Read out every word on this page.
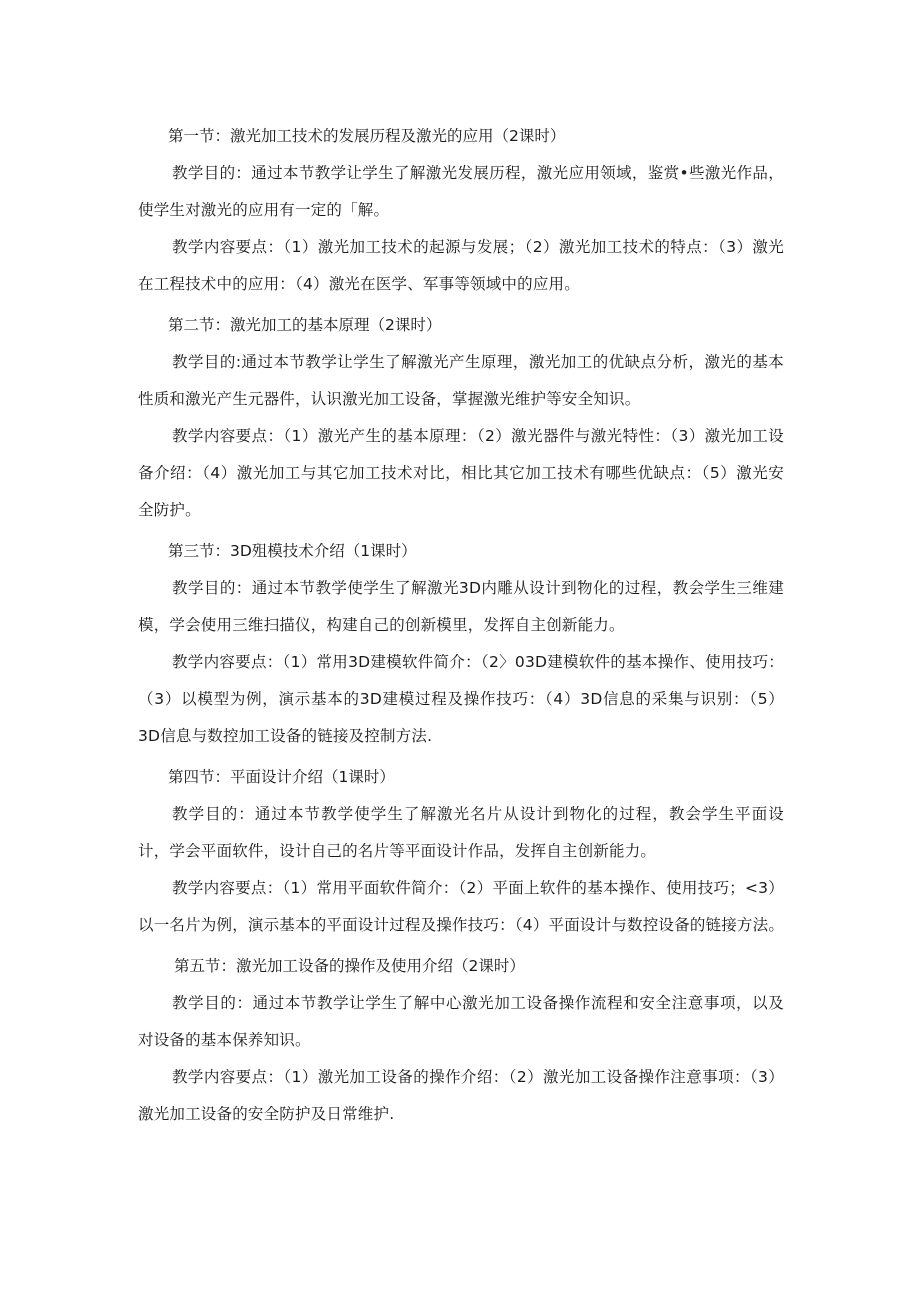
第一节：激光加工技术的发展历程及激光的应用（2课时）

教学目的：通过本节教学让学生了解激光发展历程，激光应用领域，鉴赏•些激光作品，使学生对激光的应用有一定的「解。

教学内容要点：（1）激光加工技术的起源与发展；（2）激光加工技术的特点：（3）激光在工程技术中的应用：（4）激光在医学、军事等领域中的应用。

第二节：激光加工的基本原理（2课时）

教学目的:通过本节教学让学生了解激光产生原理，激光加工的优缺点分析，激光的基本性质和激光产生元器件，认识激光加工设备，掌握激光维护等安全知识。

教学内容要点：（1）激光产生的基本原理：（2）激光器件与激光特性：（3）激光加工设备介绍：（4）激光加工与其它加工技术对比，相比其它加工技术有哪些优缺点：（5）激光安全防护。

第三节：3D殂模技术介绍（1课时）

教学目的：通过本节教学使学生了解激光3D内雕从设计到物化的过程，教会学生三维建模，学会使用三维扫描仪，构建自己的创新模里，发挥自主创新能力。

教学内容要点：（1）常用3D建模软件简介：（2〉03D建模软件的基本操作、使用技巧：（3）以模型为例，演示基本的3D建模过程及操作技巧：（4）3D信息的采集与识别：（5）3D信息与数控加工设备的链接及控制方法.

第四节：平面设计介绍（1课时）

教学目的：通过本节教学使学生了解激光名片从设计到物化的过程，教会学生平面设计，学会平面软件，设计自己的名片等平面设计作品，发挥自主创新能力。

教学内容要点：（1）常用平面软件简介：（2）平面上软件的基本操作、使用技巧；<3）以一名片为例，演示基本的平面设计过程及操作技巧：（4）平面设计与数控设备的链接方法。

第五节：激光加工设备的操作及使用介绍（2课时）

教学目的：通过本节教学让学生了解中心激光加工设备操作流程和安全注意事项，以及对设备的基本保养知识。

教学内容要点：（1）激光加工设备的操作介绍：（2）激光加工设备操作注意事项：（3）激光加工设备的安全防护及日常维护.
